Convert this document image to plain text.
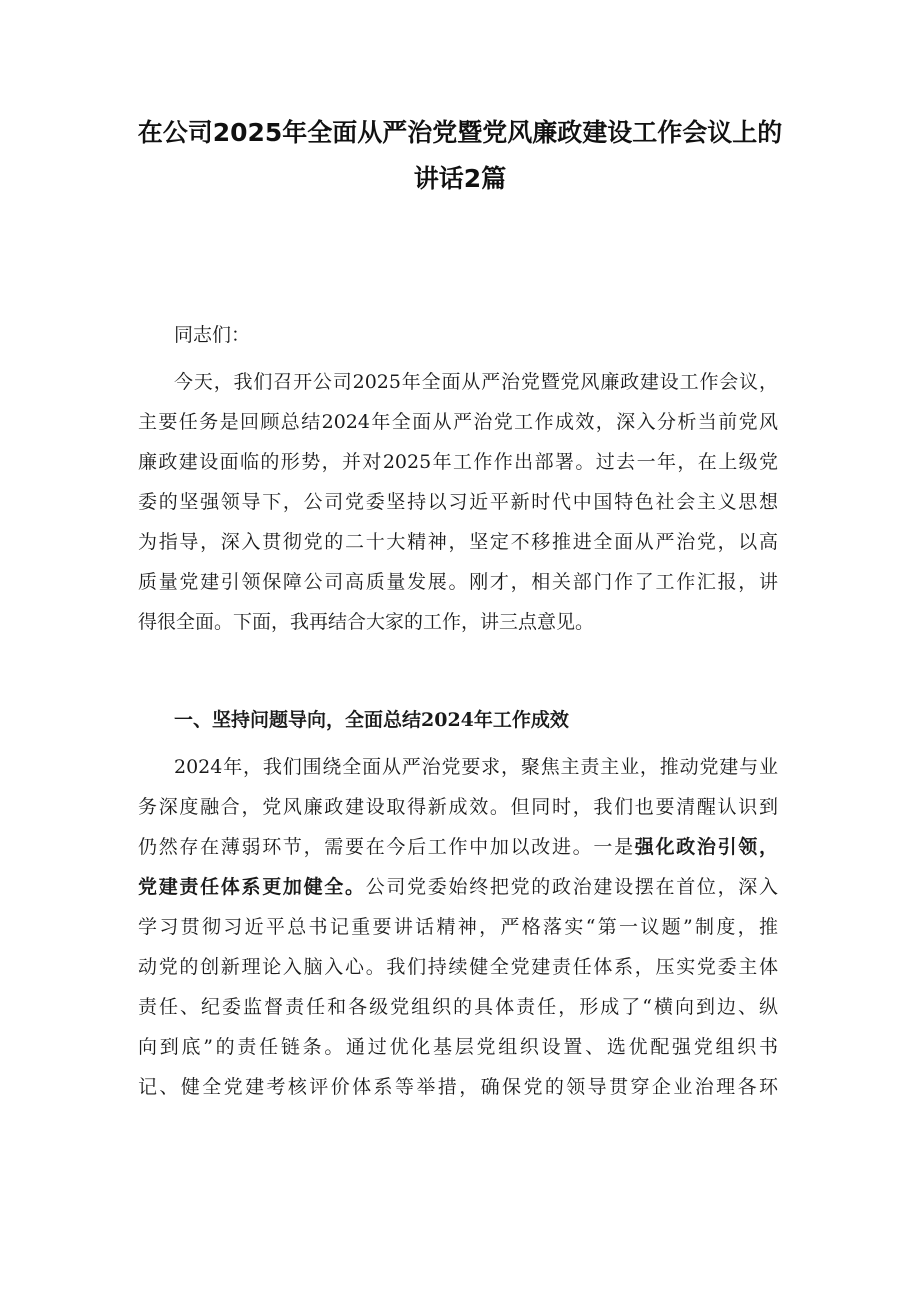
在公司2025年全面从严治党暨党风廉政建设工作会议上的
讲话2篇
同志们：
今天，我们召开公司2025年全面从严治党暨党风廉政建设工作会议，
主要任务是回顾总结2024年全面从严治党工作成效，深入分析当前党风
廉政建设面临的形势，并对2025年工作作出部署。过去一年，在上级党
委的坚强领导下，公司党委坚持以习近平新时代中国特色社会主义思想
为指导，深入贯彻党的二十大精神，坚定不移推进全面从严治党，以高
质量党建引领保障公司高质量发展。刚才，相关部门作了工作汇报，讲
得很全面。下面，我再结合大家的工作，讲三点意见。
一、坚持问题导向，全面总结2024年工作成效
2024年，我们围绕全面从严治党要求，聚焦主责主业，推动党建与业
务深度融合，党风廉政建设取得新成效。但同时，我们也要清醒认识到
仍然存在薄弱环节，需要在今后工作中加以改进。一是强化政治引领，
党建责任体系更加健全。公司党委始终把党的政治建设摆在首位，深入
学习贯彻习近平总书记重要讲话精神，严格落实“第一议题”制度，推
动党的创新理论入脑入心。我们持续健全党建责任体系，压实党委主体
责任、纪委监督责任和各级党组织的具体责任，形成了“横向到边、纵
向到底”的责任链条。通过优化基层党组织设置、选优配强党组织书
记、健全党建考核评价体系等举措，确保党的领导贯穿企业治理各环
